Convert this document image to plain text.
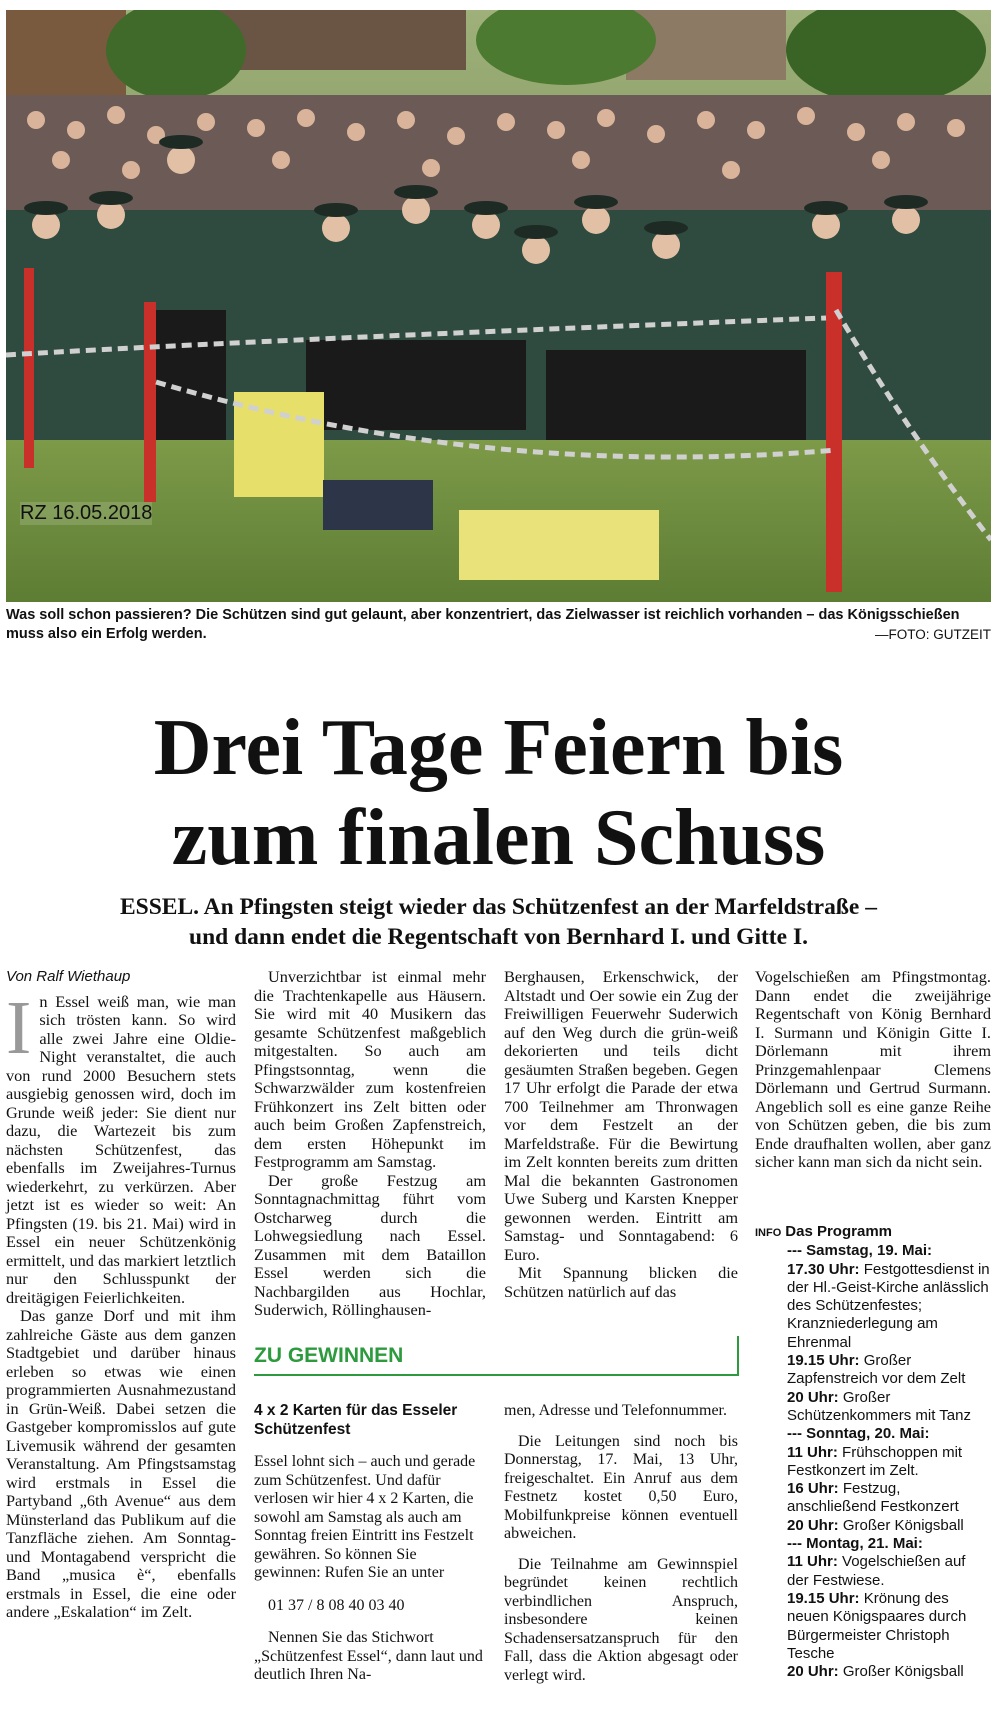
RZ 16.05.2018
Was soll schon passieren? Die Schützen sind gut gelaunt, aber konzentriert, das Zielwasser ist reichlich vorhanden – das Königsschießen muss also ein Erfolg werden.	—FOTO: GUTZEIT
Drei Tage Feiern bis
zum finalen Schuss
ESSEL. An Pfingsten steigt wieder das Schützenfest an der Marfeldstraße –
und dann endet die Regentschaft von Bernhard I. und Gitte I.
Von Ralf Wiethaup

In Essel weiß man, wie man sich trösten kann. So wird alle zwei Jahre eine Oldie-Night veranstaltet, die auch von rund 2000 Besuchern stets ausgiebig genossen wird, doch im Grunde weiß jeder: Sie dient nur dazu, die Wartezeit bis zum nächsten Schützenfest, das ebenfalls im Zweijahres-Turnus wiederkehrt, zu verkürzen. Aber jetzt ist es wieder so weit: An Pfingsten (19. bis 21. Mai) wird in Essel ein neuer Schützenkönig ermittelt, und das markiert letztlich nur den Schlusspunkt der dreitägigen Feierlichkeiten.

Das ganze Dorf und mit ihm zahlreiche Gäste aus dem ganzen Stadtgebiet und darüber hinaus erleben so etwas wie einen programmierten Ausnahmezustand in Grün-Weiß. Dabei setzen die Gastgeber kompromisslos auf gute Livemusik während der gesamten Veranstaltung. Am Pfingstsamstag wird erstmals in Essel die Partyband „6th Avenue“ aus dem Münsterland das Publikum auf die Tanzfläche ziehen. Am Sonntag- und Montagabend verspricht die Band „musica è“, ebenfalls erstmals in Essel, die eine oder andere „Eskalation“ im Zelt.

Unverzichtbar ist einmal mehr die Trachtenkapelle aus Häusern. Sie wird mit 40 Musikern das gesamte Schützenfest maßgeblich mitgestalten. So auch am Pfingstsonntag, wenn die Schwarzwälder zum kostenfreien Frühkonzert ins Zelt bitten oder auch beim Großen Zapfenstreich, dem ersten Höhepunkt im Festprogramm am Samstag.

Der große Festzug am Sonntagnachmittag führt vom Ostcharweg durch die Lohwegsiedlung nach Essel. Zusammen mit dem Bataillon Essel werden sich die Nachbargilden aus Hochlar, Suderwich, Röllinghausen-

Berghausen, Erkenschwick, der Altstadt und Oer sowie ein Zug der Freiwilligen Feuerwehr Suderwich auf den Weg durch die grün-weiß dekorierten und teils dicht gesäumten Straßen begeben. Gegen 17 Uhr erfolgt die Parade der etwa 700 Teilnehmer am Thronwagen vor dem Festzelt an der Marfeldstraße. Für die Bewirtung im Zelt konnten bereits zum dritten Mal die bekannten Gastronomen Uwe Suberg und Karsten Knepper gewonnen werden. Eintritt am Samstag- und Sonntagabend: 6 Euro.

Mit Spannung blicken die Schützen natürlich auf das

Vogelschießen am Pfingstmontag. Dann endet die zweijährige Regentschaft von König Bernhard I. Surmann und Königin Gitte I. Dörlemann mit ihrem Prinzgemahlenpaar Clemens Dörlemann und Gertrud Surmann. Angeblich soll es eine ganze Reihe von Schützen geben, die bis zum Ende draufhalten wollen, aber ganz sicher kann man sich da nicht sein.

ZU GEWINNEN
4 x 2 Karten für das Esseler Schützenfest

Essel lohnt sich – auch und gerade zum Schützenfest. Und dafür verlosen wir hier 4 x 2 Karten, die sowohl am Samstag als auch am Sonntag freien Eintritt ins Festzelt gewähren. So können Sie gewinnen: Rufen Sie an unter

01 37 / 8 08 40 03 40

Nennen Sie das Stichwort „Schützenfest Essel“, dann laut und deutlich Ihren Na-

men, Adresse und Telefonnummer.

Die Leitungen sind noch bis Donnerstag, 17. Mai, 13 Uhr, freigeschaltet. Ein Anruf aus dem Festnetz kostet 0,50 Euro, Mobilfunkpreise können eventuell abweichen.

Die Teilnahme am Gewinnspiel begründet keinen rechtlich verbindlichen Anspruch, insbesondere keinen Schadensersatzanspruch für den Fall, dass die Aktion abgesagt oder verlegt wird.

INFO Das Programm
--- Samstag, 19. Mai:
17.30 Uhr: Festgottesdienst in der Hl.-Geist-Kirche anlässlich des Schützenfestes; Kranzniederlegung am Ehrenmal
19.15 Uhr: Großer Zapfenstreich vor dem Zelt
20 Uhr: Großer Schützenkommers mit Tanz
--- Sonntag, 20. Mai:
11 Uhr: Frühschoppen mit Festkonzert im Zelt.
16 Uhr: Festzug, anschließend Festkonzert
20 Uhr: Großer Königsball
--- Montag, 21. Mai:
11 Uhr: Vogelschießen auf der Festwiese.
19.15 Uhr: Krönung des neuen Königspaares durch Bürgermeister Christoph Tesche
20 Uhr: Großer Königsball
